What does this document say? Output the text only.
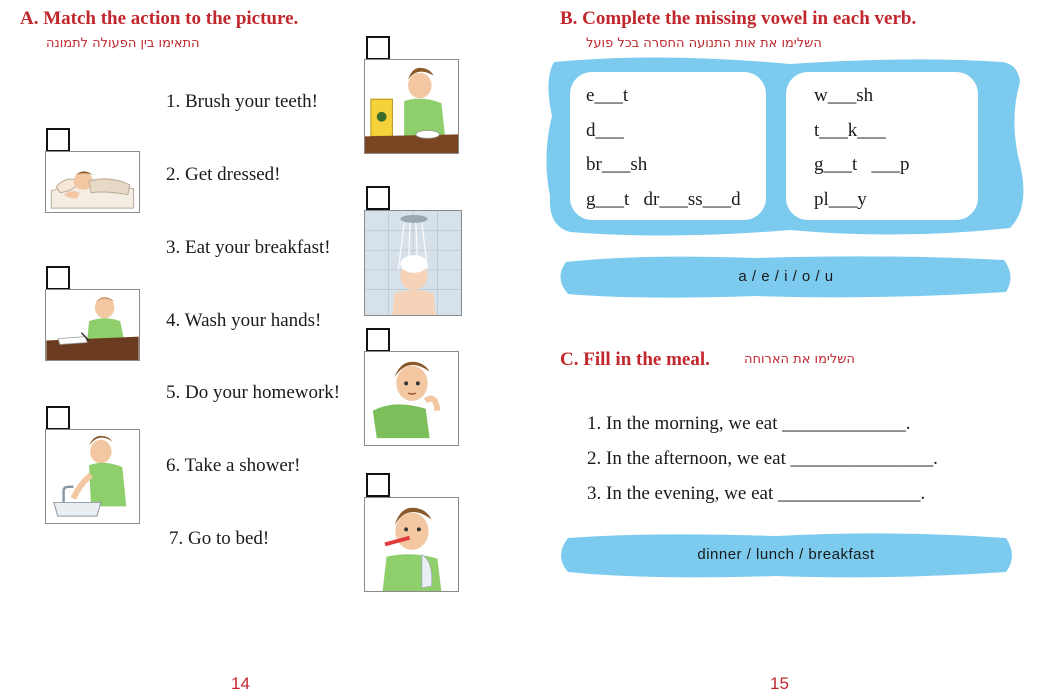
A. Match the action to the picture.
התאימו בין הפעולה לתמונה
1. Brush your teeth!
2. Get dressed!
3. Eat your breakfast!
4. Wash your hands!
5. Do your homework!
6. Take a shower!
7. Go to bed!
14
B. Complete the missing vowel in each verb.
השלימו את אות התנועה החסרה בכל פועל
e___t
d___
br___sh
g___t   dr___ss___d
w___sh
t___k___
g___t   ___p
pl___y
a / e / i / o / u
C. Fill in the meal.	השלימו את הארוחה
1. In the morning, we eat _____________.
2. In the afternoon, we eat _______________.
3. In the evening, we eat _______________.
dinner / lunch / breakfast
15
